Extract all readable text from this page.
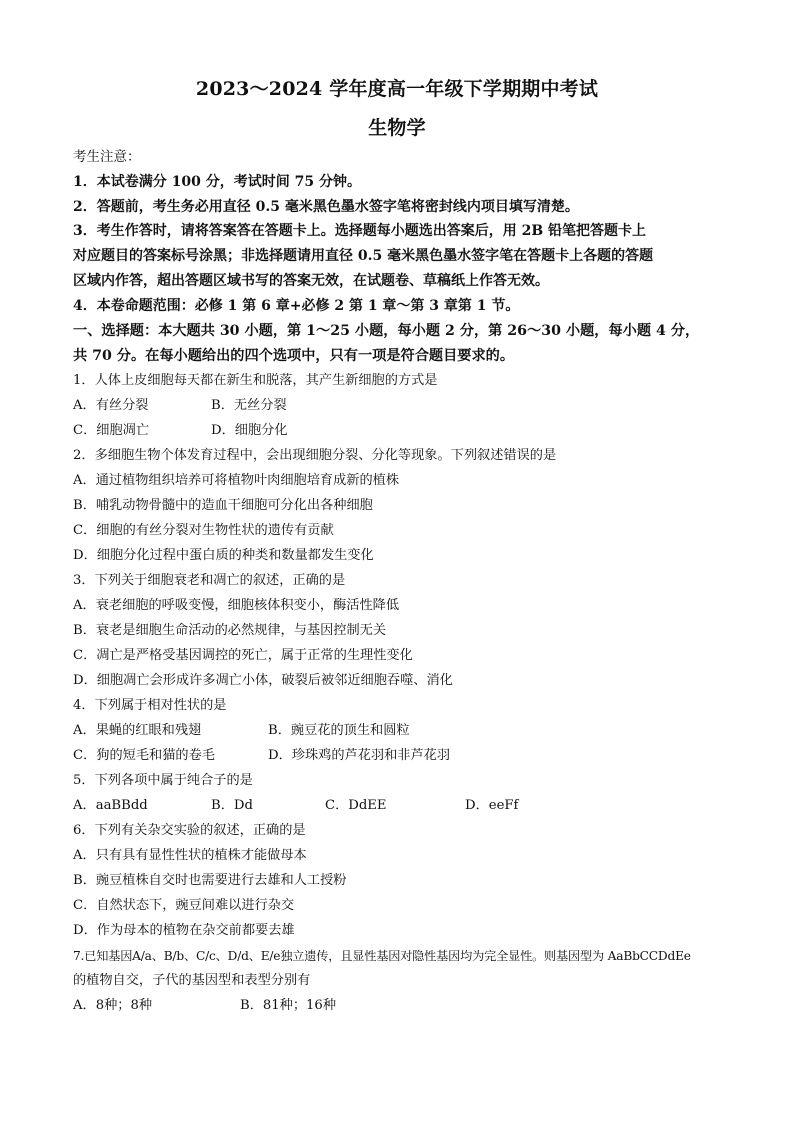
2023～2024 学年度高一年级下学期期中考试
生物学
考生注意：
1．本试卷满分 100 分，考试时间 75 分钟。
2．答题前，考生务必用直径 0.5 毫米黑色墨水签字笔将密封线内项目填写清楚。
3．考生作答时，请将答案答在答题卡上。选择题每小题选出答案后，用 2B 铅笔把答题卡上
对应题目的答案标号涂黑；非选择题请用直径 0.5 毫米黑色墨水签字笔在答题卡上各题的答题
区域内作答，超出答题区域书写的答案无效，在试题卷、草稿纸上作答无效。
4．本卷命题范围：必修 1 第 6 章+必修 2 第 1 章～第 3 章第 1 节。
一、选择题：本大题共 30 小题，第 1～25 小题，每小题 2 分，第 26～30 小题，每小题 4 分，
共 70 分。在每小题给出的四个选项中，只有一项是符合题目要求的。
1．人体上皮细胞每天都在新生和脱落，其产生新细胞的方式是
A．有丝分裂	B．无丝分裂
C．细胞凋亡	D．细胞分化
2．多细胞生物个体发育过程中，会出现细胞分裂、分化等现象。下列叙述错误的是
A．通过植物组织培养可将植物叶肉细胞培育成新的植株
B．哺乳动物骨髓中的造血干细胞可分化出各种细胞
C．细胞的有丝分裂对生物性状的遗传有贡献
D．细胞分化过程中蛋白质的种类和数量都发生变化
3．下列关于细胞衰老和凋亡的叙述，正确的是
A．衰老细胞的呼吸变慢，细胞核体积变小，酶活性降低
B．衰老是细胞生命活动的必然规律，与基因控制无关
C．凋亡是严格受基因调控的死亡，属于正常的生理性变化
D．细胞凋亡会形成许多凋亡小体，破裂后被邻近细胞吞噬、消化
4．下列属于相对性状的是
A．果蝇的红眼和残翅	B．豌豆花的顶生和圆粒
C．狗的短毛和猫的卷毛	D．珍珠鸡的芦花羽和非芦花羽
5．下列各项中属于纯合子的是
A．aaBBdd	B．Dd	C．DdEE	D．eeFf
6．下列有关杂交实验的叙述，正确的是
A．只有具有显性性状的植株才能做母本
B．豌豆植株自交时也需要进行去雄和人工授粉
C．自然状态下，豌豆间难以进行杂交
D．作为母本的植物在杂交前都要去雄
7.已知基因A/a、B/b、C/c、D/d、E/e独立遗传，且显性基因对隐性基因均为完全显性。则基因型为 AaBbCCDdEe
的植物自交，子代的基因型和表型分别有
A．8种；8种	B．81种；16种
